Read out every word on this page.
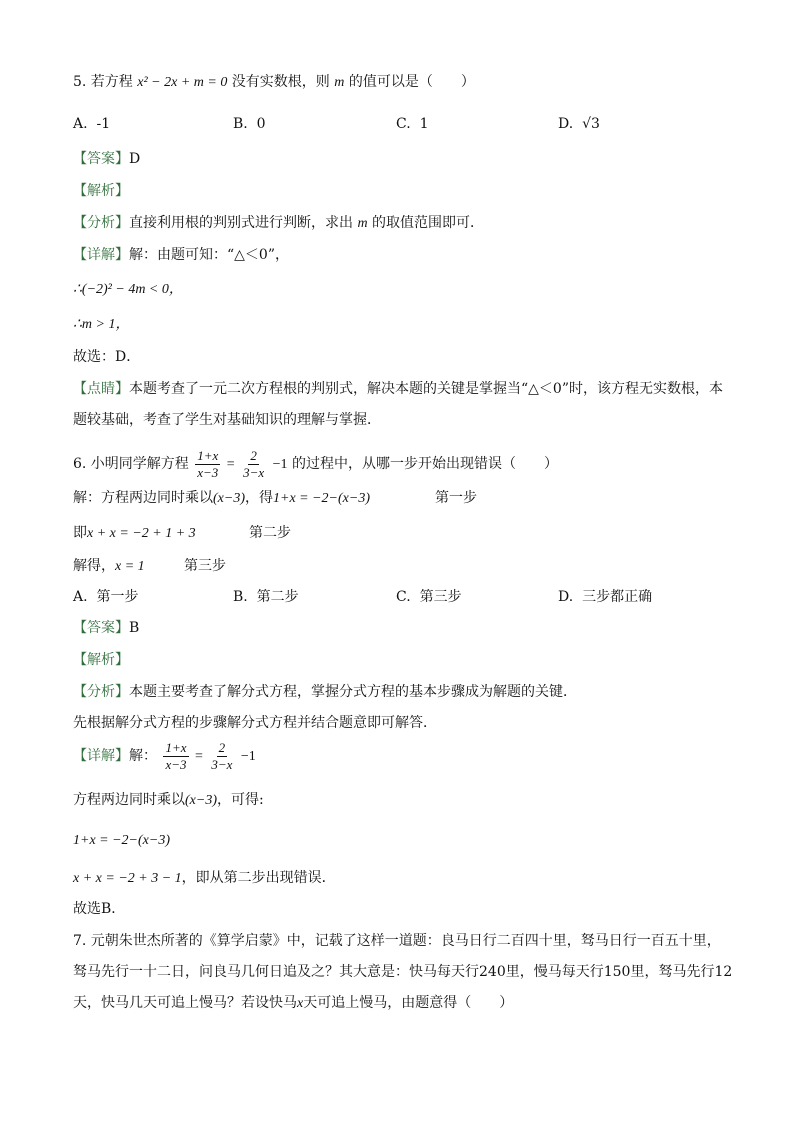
5. 若方程 x² − 2x + m = 0 没有实数根，则 m 的值可以是（　　）
A. -1	B. 0	C. 1	D. √3
【答案】D
【解析】
【分析】直接利用根的判别式进行判断，求出 m 的取值范围即可．
【详解】解：由题可知：“△＜0”，
∴(−2)² − 4m < 0，
∴m > 1，
故选：D．
【点睛】本题考查了一元二次方程根的判别式，解决本题的关键是掌握当“△＜0”时，该方程无实数根，本
题较基础，考查了学生对基础知识的理解与掌握．
6. 小明同学解方程 $\frac{1+x}{x-3} = \frac{2}{3-x} -1$ 的过程中，从哪一步开始出现错误（　　）
解：方程两边同时乘以(x−3)，得1+x = −2−(x−3)	第一步
即x + x = −2 + 1 + 3	第二步
解得，x = 1	第三步
A. 第一步	B. 第二步	C. 第三步	D. 三步都正确
【答案】B
【解析】
【分析】本题主要考查了解分式方程，掌握分式方程的基本步骤成为解题的关键．
先根据解分式方程的步骤解分式方程并结合题意即可解答．
【详解】解： $\frac{1+x}{x-3} = \frac{2}{3-x} -1$
方程两边同时乘以(x−3)，可得:
1+x = −2−(x−3)
x + x = −2 + 3 − 1，即从第二步出现错误．
故选B．
7. 元朝朱世杰所著的《算学启蒙》中，记载了这样一道题：良马日行二百四十里，驽马日行一百五十里，
驽马先行一十二日，问良马几何日追及之？其大意是：快马每天行240里，慢马每天行150里，驽马先行12
天，快马几天可追上慢马？若设快马x天可追上慢马，由题意得（　　）
